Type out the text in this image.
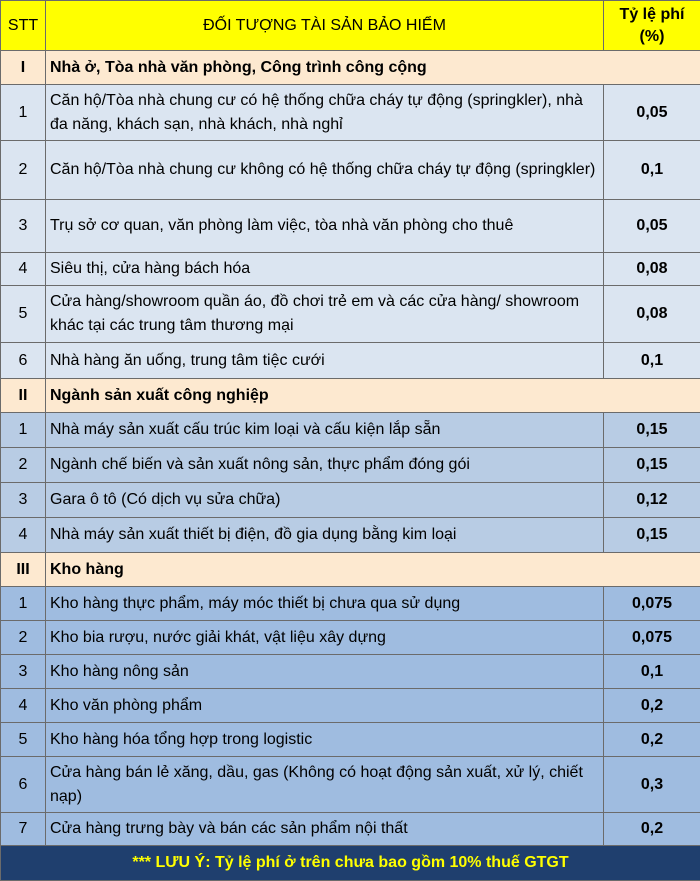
STT	ĐỐI TƯỢNG TÀI SẢN BẢO HIỂM	Tỷ lệ phí
(%)
I	Nhà ở, Tòa nhà văn phòng, Công trình công cộng	
1	Căn hộ/Tòa nhà chung cư có hệ thống chữa cháy tự động (springkler), nhà đa năng, khách sạn, nhà khách, nhà nghỉ	0,05
2	Căn hộ/Tòa nhà chung cư không có hệ thống chữa cháy tự động (springkler)	0,1
3	Trụ sở cơ quan, văn phòng làm việc, tòa nhà văn phòng cho thuê	0,05
4	Siêu thị, cửa hàng bách hóa	0,08
5	Cửa hàng/showroom quần áo, đồ chơi trẻ em và các cửa hàng/ showroom khác tại các trung tâm thương mại	0,08
6	Nhà hàng ăn uống, trung tâm tiệc cưới	0,1
II	Ngành sản xuất công nghiệp	
1	Nhà máy sản xuất cấu trúc kim loại và cấu kiện lắp sẵn	0,15
2	Ngành chế biến và sản xuất nông sản, thực phẩm đóng gói	0,15
3	Gara ô tô (Có dịch vụ sửa chữa)	0,12
4	Nhà máy sản xuất thiết bị điện, đồ gia dụng bằng kim loại	0,15
III	Kho hàng	
1	Kho hàng thực phẩm, máy móc thiết bị chưa qua sử dụng	0,075
2	Kho bia rượu, nước giải khát, vật liệu xây dựng	0,075
3	Kho hàng nông sản	0,1
4	Kho văn phòng phẩm	0,2
5	Kho hàng hóa tổng hợp trong logistic	0,2
6	Cửa hàng bán lẻ xăng, dầu, gas (Không có hoạt động sản xuất, xử lý, chiết nạp)	0,3
7	Cửa hàng trưng bày và bán các sản phẩm nội thất	0,2
*** LƯU Ý: Tỷ lệ phí ở trên chưa bao gồm 10% thuế GTGT		
